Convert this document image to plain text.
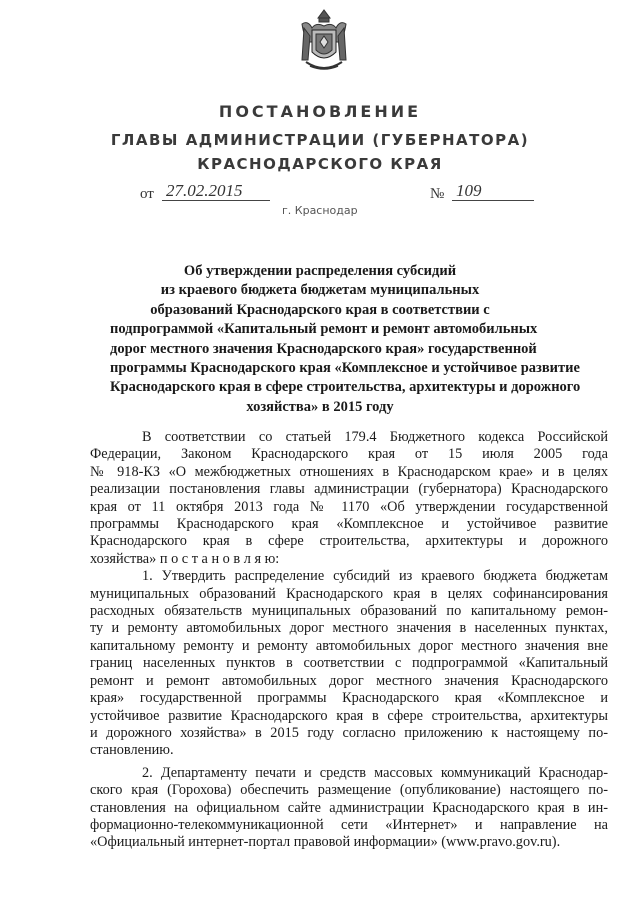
ПОСТАНОВЛЕНИЕ
ГЛАВЫ АДМИНИСТРАЦИИ (ГУБЕРНАТОРА)
КРАСНОДАРСКОГО КРАЯ
от 27.02.2015	№ 109
г. Краснодар
Об утверждении распределения субсидий
из краевого бюджета бюджетам муниципальных
образований Краснодарского края в соответствии с
подпрограммой «Капитальный ремонт и ремонт автомобильных
дорог местного значения Краснодарского края» государственной
программы Краснодарского края «Комплексное и устойчивое развитие
Краснодарского края в сфере строительства, архитектуры и дорожного
хозяйства» в 2015 году
В соответствии со статьей 179.4 Бюджетного кодекса Российской
Федерации, Законом Краснодарского края от 15 июля 2005 года
№ 918-КЗ «О межбюджетных отношениях в Краснодарском крае» и в целях
реализации постановления главы администрации (губернатора) Краснодарского
края от 11 октября 2013 года № 1170 «Об утверждении государственной
программы Краснодарского края «Комплексное и устойчивое развитие
Краснодарского края в сфере строительства, архитектуры и дорожного
хозяйства» п о с т а н о в л я ю:
1. Утвердить распределение субсидий из краевого бюджета бюджетам
муниципальных образований Краснодарского края в целях софинансирования
расходных обязательств муниципальных образований по капитальному ремон-
ту и ремонту автомобильных дорог местного значения в населенных пунктах,
капитальному ремонту и ремонту автомобильных дорог местного значения вне
границ населенных пунктов в соответствии с подпрограммой «Капитальный
ремонт и ремонт автомобильных дорог местного значения Краснодарского
края» государственной программы Краснодарского края «Комплексное и
устойчивое развитие Краснодарского края в сфере строительства, архитектуры
и дорожного хозяйства» в 2015 году согласно приложению к настоящему по-
становлению.
2. Департаменту печати и средств массовых коммуникаций Краснодар-
ского края (Горохова) обеспечить размещение (опубликование) настоящего по-
становления на официальном сайте администрации Краснодарского края в ин-
формационно-телекоммуникационной сети «Интернет» и направление на
«Официальный интернет-портал правовой информации» (www.pravo.gov.ru).
